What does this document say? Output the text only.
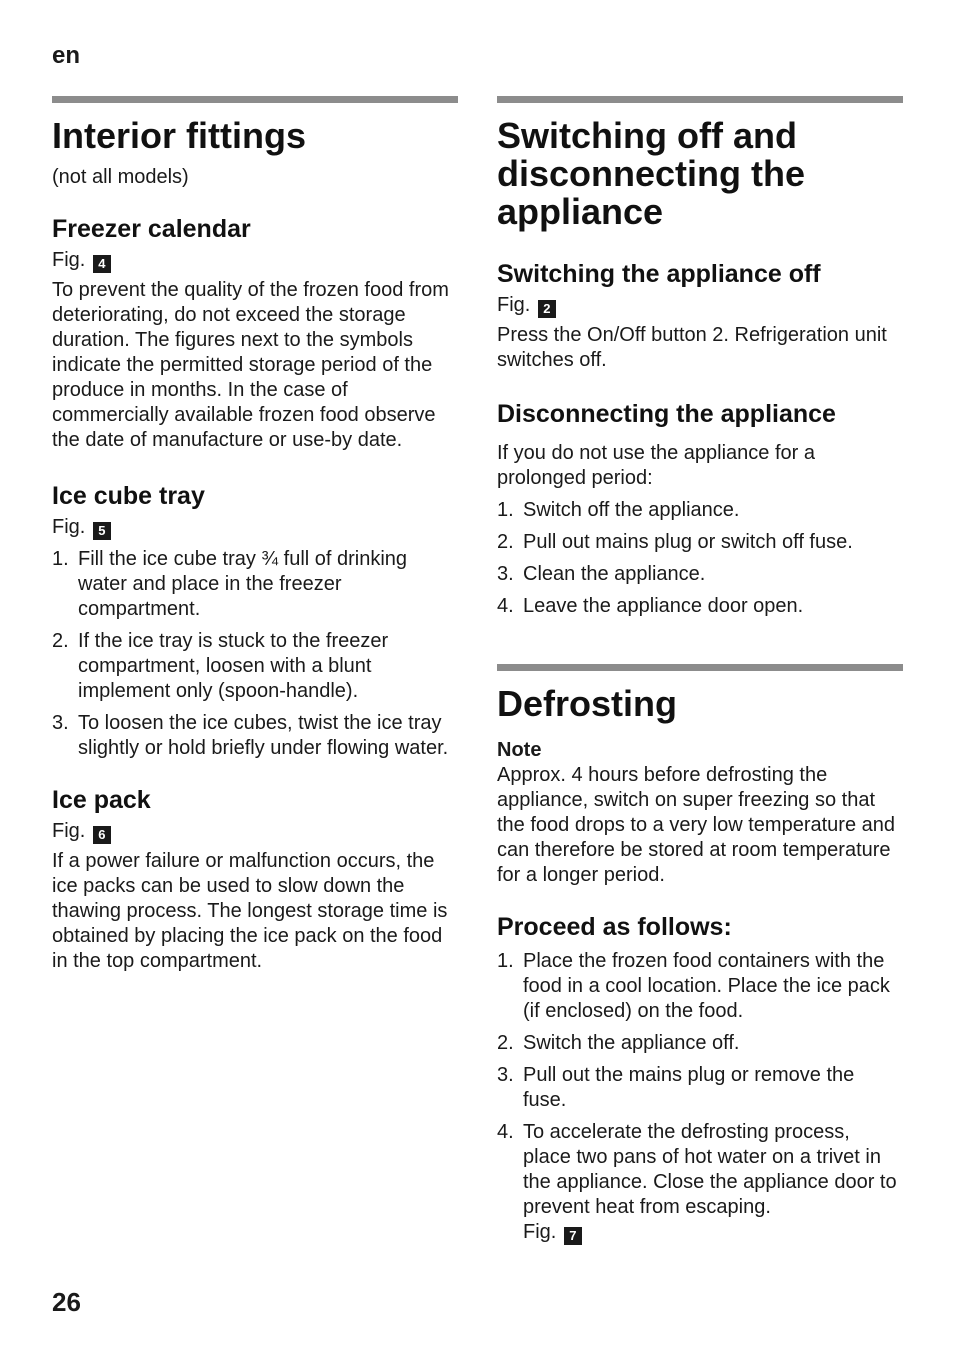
en
Interior fittings

(not all models)

Freezer calendar
Fig. 4

To prevent the quality of the frozen food from deteriorating, do not exceed the storage duration. The figures next to the symbols indicate the permitted storage period of the produce in months. In the case of commercially available frozen food observe the date of manufacture or use-by date.

Ice cube tray
Fig. 5
1. Fill the ice cube tray ¾ full of drinking water and place in the freezer compartment.
2. If the ice tray is stuck to the freezer compartment, loosen with a blunt implement only (spoon-handle).
3. To loosen the ice cubes, twist the ice tray slightly or hold briefly under flowing water.
Ice pack
Fig. 6

If a power failure or malfunction occurs, the ice packs can be used to slow down the thawing process. The longest storage time is obtained by placing the ice pack on the food in the top compartment.

Switching off and disconnecting the appliance
Switching the appliance off
Fig. 2

Press the On/Off button 2. Refrigeration unit switches off.

Disconnecting the appliance

If you do not use the appliance for a prolonged period:

1. Switch off the appliance.
2. Pull out mains plug or switch off fuse.
3. Clean the appliance.
4. Leave the appliance door open.
Defrosting
Note

Approx. 4 hours before defrosting the appliance, switch on super freezing so that the food drops to a very low temperature and can therefore be stored at room temperature for a longer period.

Proceed as follows:
1. Place the frozen food containers with the food in a cool location. Place the ice pack (if enclosed) on the food.
2. Switch the appliance off.
3. Pull out the mains plug or remove the fuse.
4. To accelerate the defrosting process, place two pans of hot water on a trivet in the appliance. Close the appliance door to prevent heat from escaping.
Fig. 7
26
